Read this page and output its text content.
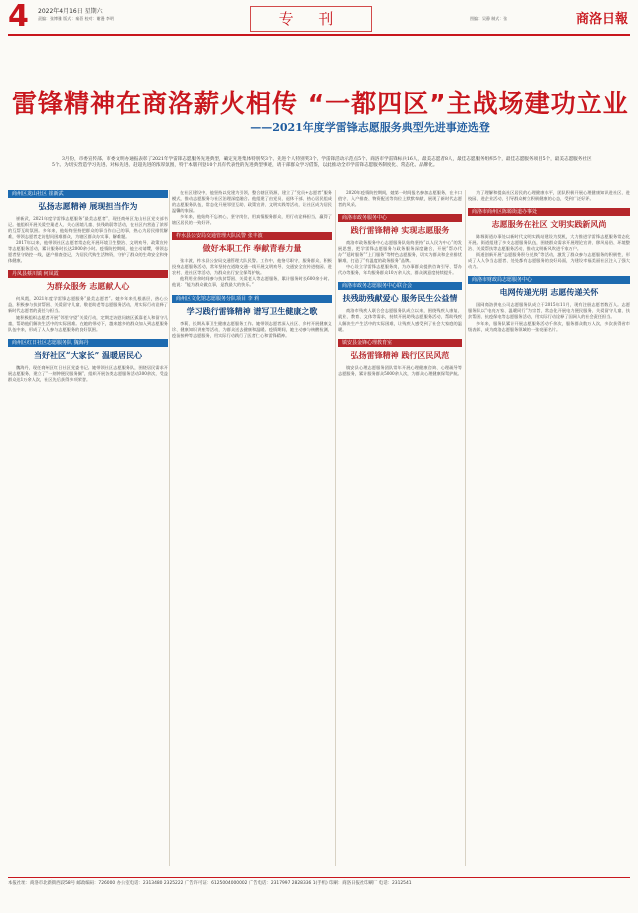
4 2022年4月16日 星期六
责编：张博雅 版式：秦蓓 校对：谢漫 李明	专 刊	图编：吴静 制式：张	商洛日報
雷锋精神在商洛薪火相传 “一都四区”主战场建功立业
——2021年度学雷锋志愿服务典型先进事迹选登
3月份，市委宣传部、市委文明办通报表彰了2021年学雷锋志愿服务先进典型，确定先进集体特别奖3个、先进个人特别奖3个、学雷锋活动示范点5个、商洛市学雷锋标兵16人，最美志愿者8人，最佳志愿服务组织5个，最佳志愿服务项目5个，最美志愿服务社区5个。为切实营造学习先进、对标先进、赶超先进的浓厚氛围，特于本版刊登10个具有代表性的先进典型事迹，请干部群众学习借鉴，以此推动全市学雷锋志愿服务制度化、常态化、品牌化。
商州区龙山社区 崔新武
弘扬志愿精神 展现担当作为

崔新武，2021年度学雷锋志愿服务“最美志愿者”，现任商州区龙山社区党支部书记。他组织开展关爱空巢老人、关心困境儿童、扶残助弱等活动，在社区内营造了浓厚的互帮互助氛围。多年来，他始终坚持把群众的事当作自己的事，热心为居民排忧解难，带领志愿者走访慰问困难群众，为辖区群众办实事、解难题。

2017年以来，他带领社区志愿者常态化开展环境卫生整治、文明劝导、政策宣传等志愿服务活动，累计服务时长达2000余小时。疫情防控期间，他主动请缨，带领志愿者坚守防控一线，逐户排查登记，为居民代购生活物资，守护了群众的生命安全和身体健康。

丹凤县蔡川镇 何凤霞
为群众服务 志愿献人心

何凤霞，2021年度学雷锋志愿服务“最美志愿者”。她多年来扎根基层，热心公益，积极参与扶贫帮困、关爱留守儿童、敬老助老等志愿服务活动，用实际行动诠释了新时代志愿者的责任与担当。

她积极组织志愿者开展“邻里守望”关爱行动，定期走访慰问辖区孤寡老人和留守儿童，帮助他们解决生活中的实际困难。在她的带动下，越来越多的群众加入到志愿服务队伍中来，形成了人人参与志愿服务的良好氛围。

商州区红日社区志愿服务队 魏海丹
当好社区“大家长” 温暖居民心

魏海丹，现任商州区红日社区党委书记。她带领社区志愿服务队，围绕居民需求开展志愿服务，建立了“一刻钟便民服务圈”，组织开展各类志愿服务活动300余次，受益群众达1万余人次，社区先后获得多项荣誉。

在社区建设中，他坚持以党建为引领，整合辖区资源，建立了“党员+志愿者”服务模式，推动志愿服务与社区治理深度融合。他组建了由党员、退休干部、热心居民组成的志愿服务队伍，常态化开展邻里互助、政策宣讲、文明实践等活动，让社区成为居民温馨的家园。

多年来，他始终不忘初心，坚守岗位，用真情服务群众，用行动诠释担当，赢得了辖区居民的一致好评。

柞水县公安局交通管理大队民警 张丰波
做好本职工作 奉献青春力量

张丰波，柞水县公安局交通管理大队民警。工作中，他恪尽职守，服务群众，积极投身志愿服务活动，常年坚持在道路交通一线开展文明劝导、交通安全宣传进校园、进农村、进社区等活动，为群众出行安全保驾护航。

他利用业余时间参与扶贫帮困、关爱老人等志愿服务，累计服务时长600余小时。他说：“能为群众做点事，是我最大的快乐。”

商州区文化馆志愿服务分队项目 李 莉
学习践行雷锋精神 谱写卫生健康之歌

李莉，长期从事卫生健康志愿服务工作。她带领志愿者深入社区、乡村开展健康义诊、健康知识讲座等活动，为群众送去健康和温暖。疫情期间，她主动参与核酸检测、疫苗接种等志愿服务，用实际行动践行了医者仁心和雷锋精神。

2020年疫情防控期间，她第一时间报名参加志愿服务，在卡口值守、入户排查、物资配送等岗位上默默奉献，展现了新时代志愿者的风采。

商洛市政务服务中心
践行雷锋精神 实现志愿服务

商洛市政务服务中心志愿服务队始终坚持“以人民为中心”的发展思想，把学雷锋志愿服务与政务服务深度融合，开展“帮办代办”“延时服务”“上门服务”等特色志愿服务，切实为群众和企业排忧解难，打造了“有温度的政务服务”品牌。

中心设立学雷锋志愿服务岗，为办事群众提供咨询引导、帮办代办等服务，年均服务群众10万余人次，群众满意度持续提升。

商洛市政务志愿服务中心联合会
扶残助残献爱心 服务民生公益情

商洛市残疾人联合会志愿服务队成立以来，围绕残疾人康复、就业、教育、文体等需求，持续开展助残志愿服务活动，帮助残疾人解决生产生活中的实际困难，让残疾人感受到了社会大家庭的温暖。

镇安县金锋心理教育室
弘扬雷锋精神 践行区民风范

镇安县心理志愿服务团队常年开展心理健康咨询、心理疏导等志愿服务，累计服务群众5000余人次，为群众心理健康保驾护航。

为了理解和提高社区居民的心理健康水平，团队积极开展心理健康知识进社区、进校园、进企业活动，引导群众树立积极健康的心态，受到广泛好评。

商洛市商州区陈塬街道办事处
志愿服务在社区 文明实践新风尚

陈塬街道办事处以新时代文明实践站建设为契机，大力推进学雷锋志愿服务常态化开展。街道组建了多支志愿服务队伍，围绕群众需求开展理论宣讲、移风易俗、环境整治、关爱帮扶等志愿服务活动，推动文明新风吹进千家万户。

街道创新开展“志愿服务积分兑换”等活动，激发了群众参与志愿服务的积极性，形成了人人争当志愿者、处处都有志愿服务的良好局面，为建设幸福美丽社区注入了强大动力。

商洛市财政局志愿服务中心
电网传递光明 志愿传递关怀

国网商洛供电公司志愿服务队成立于2015年11月，现有注册志愿者数百人。志愿服务队以“电亮万家、温暖同行”为宗旨，常态化开展电力便民服务、关爱留守儿童、扶贫帮困、抗疫保电等志愿服务活动，用实际行动诠释了国网人的社会责任担当。

多年来，服务队累计开展志愿服务活动千余次，服务群众数万人次，多次获得省市级表彰，成为商洛志愿服务领域的一张亮丽名片。

本报社址：商洛市北新街西段58号 邮政编码：726000 办公室电话：2313480 2325222 广告许可证：6125004000002 广告电话：2317997 2828336 1(手机) 印刷：商洛日报社印刷厂 电话：2312541
